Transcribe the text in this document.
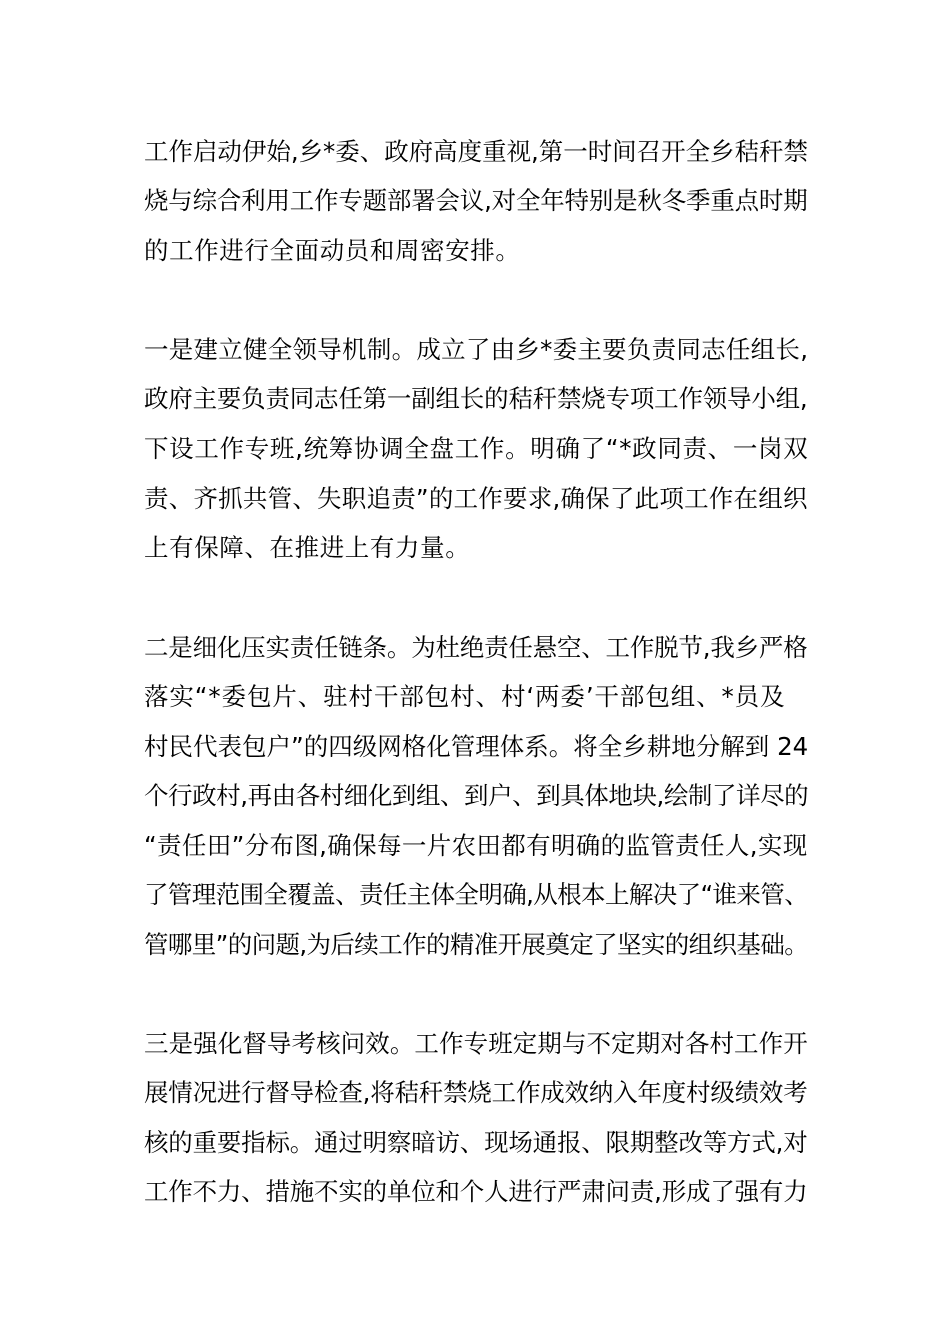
工作启动伊始,乡*委、政府高度重视,第一时间召开全乡秸秆禁
烧与综合利用工作专题部署会议,对全年特别是秋冬季重点时期
的工作进行全面动员和周密安排。
一是建立健全领导机制。成立了由乡*委主要负责同志任组长,
政府主要负责同志任第一副组长的秸秆禁烧专项工作领导小组,
下设工作专班,统筹协调全盘工作。明确了“*政同责、一岗双
责、齐抓共管、失职追责”的工作要求,确保了此项工作在组织
上有保障、在推进上有力量。
二是细化压实责任链条。为杜绝责任悬空、工作脱节,我乡严格
落实“*委包片、驻村干部包村、村‘两委’干部包组、*员及
村民代表包户”的四级网格化管理体系。将全乡耕地分解到 24
个行政村,再由各村细化到组、到户、到具体地块,绘制了详尽的
“责任田”分布图,确保每一片农田都有明确的监管责任人,实现
了管理范围全覆盖、责任主体全明确,从根本上解决了“谁来管、
管哪里”的问题,为后续工作的精准开展奠定了坚实的组织基础。
三是强化督导考核问效。工作专班定期与不定期对各村工作开
展情况进行督导检查,将秸秆禁烧工作成效纳入年度村级绩效考
核的重要指标。通过明察暗访、现场通报、限期整改等方式,对
工作不力、措施不实的单位和个人进行严肃问责,形成了强有力
